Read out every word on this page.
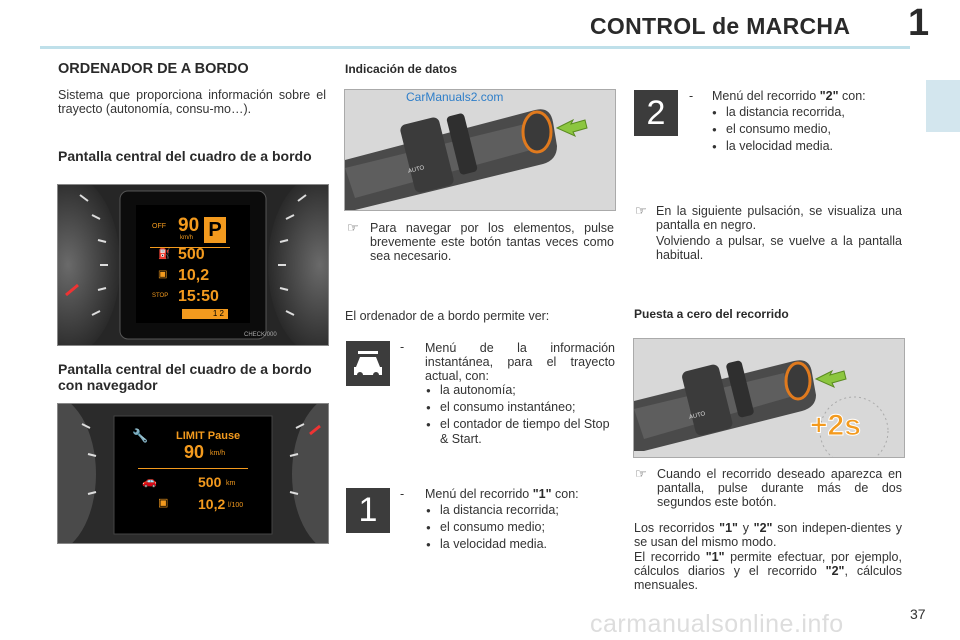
CONTROL de MARCHA 1
ORDENADOR DE A BORDO
Sistema que proporciona información sobre el trayecto (autonomía, consu-mo…).
Pantalla central del cuadro de a bordo
OFF 90
km/h P
⛽ 500
▣ 10,2
STOP 15:50
1 2
CHECK/000
Pantalla central del cuadro de a bordo con navegador
🔧	LIMIT Pause
90 km/h
🚗	500 km
▣ 10,2 l/100
Indicación de datos
AUTO
CarManuals2.com
☞ Para navegar por los elementos, pulse brevemente este botón tantas veces como sea necesario.
El ordenador de a bordo permite ver:
- Menú de la información instantánea, para el trayecto actual, con:
● la autonomía;
● el consumo instantáneo;
● el contador de tiempo del Stop & Start.
1	- Menú del recorrido "1" con:
● la distancia recorrida;
● el consumo medio;
● la velocidad media.
2	- Menú del recorrido "2" con:
● la distancia recorrida,
● el consumo medio,
● la velocidad media.
☞ En la siguiente pulsación, se visualiza una pantalla en negro.
Volviendo a pulsar, se vuelve a la pantalla habitual.
Puesta a cero del recorrido
AUTO	+2s
☞ Cuando el recorrido deseado aparezca en pantalla, pulse durante más de dos segundos este botón.
Los recorridos "1" y "2" son indepen-dientes y se usan del mismo modo.
El recorrido "1" permite efectuar, por ejemplo, cálculos diarios y el recorrido "2", cálculos mensuales.
37
carmanualsonline.info
